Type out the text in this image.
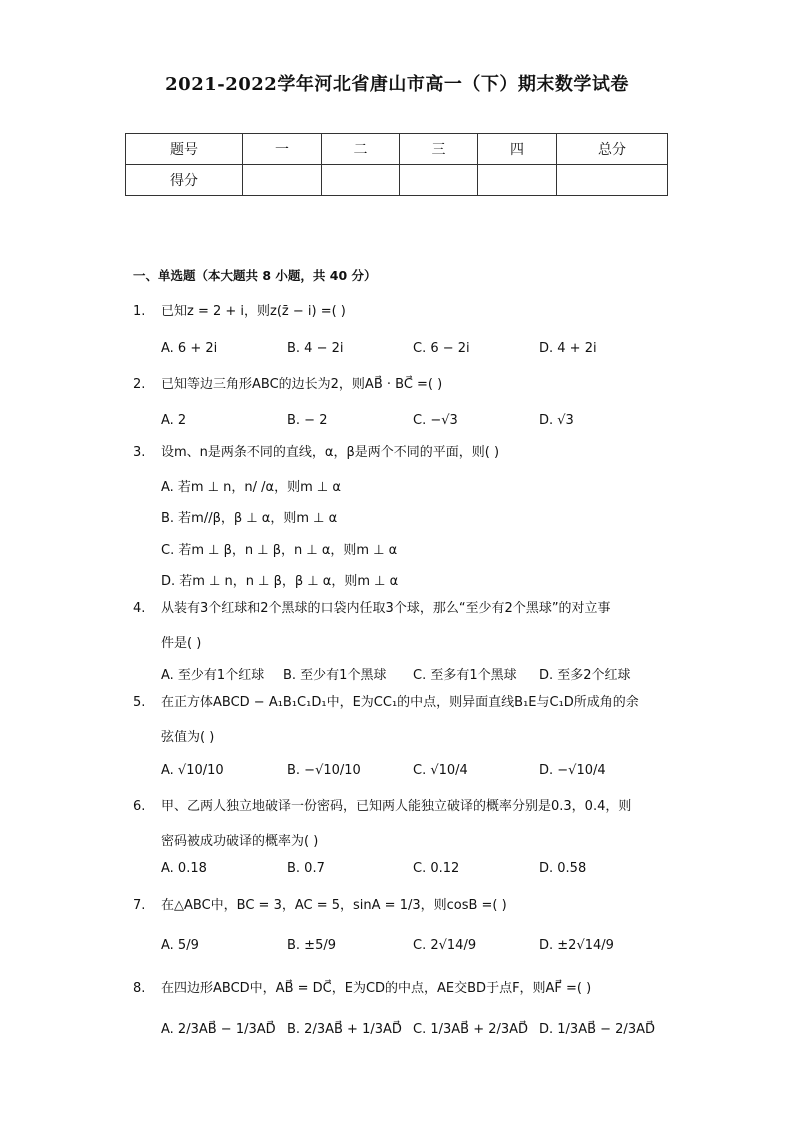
2021-2022学年河北省唐山市高一（下）期末数学试卷
题号	一	二	三	四	总分
得分					
一、单选题（本大题共 8 小题，共 40 分）
1. 已知z = 2 + i，则z(z̄ − i) =( )
A. 6 + 2i	B. 4 − 2i	C. 6 − 2i	D. 4 + 2i
2. 已知等边三角形ABC的边长为2，则AB⃗ · BC⃗ =( )
A. 2	B. − 2	C. −√3	D. √3
3. 设m、n是两条不同的直线，α，β是两个不同的平面，则( )
A. 若m ⊥ n，n/ /α，则m ⊥ α
B. 若m//β，β ⊥ α，则m ⊥ α
C. 若m ⊥ β，n ⊥ β，n ⊥ α，则m ⊥ α
D. 若m ⊥ n，n ⊥ β，β ⊥ α，则m ⊥ α
4. 从装有3个红球和2个黑球的口袋内任取3个球，那么“至少有2个黑球”的对立事
件是( )
A. 至少有1个红球 B. 至少有1个黑球 C. 至多有1个黑球 D. 至多2个红球
5. 在正方体ABCD − A₁B₁C₁D₁中，E为CC₁的中点，则异面直线B₁E与C₁D所成角的余
弦值为( )
A. √10/10	B. −√10/10	C. √10/4	D. −√10/4
6. 甲、乙两人独立地破译一份密码，已知两人能独立破译的概率分别是0.3，0.4，则
密码被成功破译的概率为( )
A. 0.18	B. 0.7	C. 0.12	D. 0.58
7. 在△ABC中，BC = 3，AC = 5，sinA = 1/3，则cosB =( )
A. 5/9	B. ±5/9	C. 2√14/9	D. ±2√14/9
8. 在四边形ABCD中，AB⃗ = DC⃗，E为CD的中点，AE交BD于点F，则AF⃗ =( )
A. 2/3AB⃗ − 1/3AD⃗ B. 2/3AB⃗ + 1/3AD⃗ C. 1/3AB⃗ + 2/3AD⃗ D. 1/3AB⃗ − 2/3AD⃗
